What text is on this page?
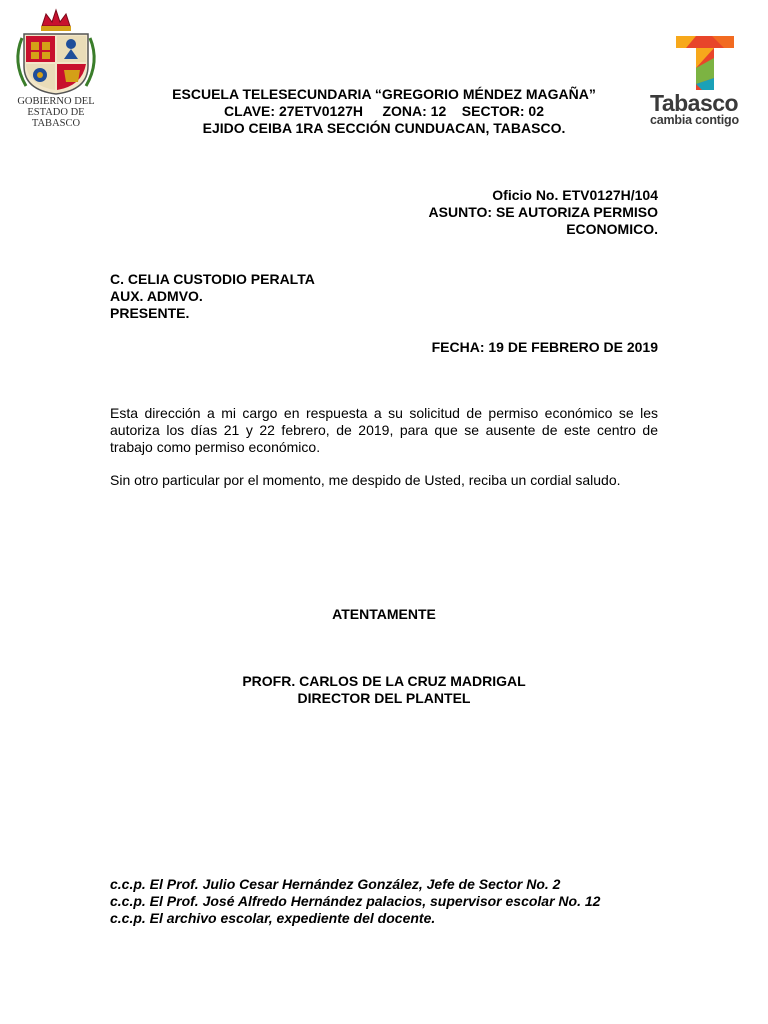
GOBIERNO DEL
ESTADO DE
TABASCO
Tabasco
cambia contigo
ESCUELA TELESECUNDARIA “GREGORIO MÉNDEZ MAGAÑA”
CLAVE: 27ETV0127H     ZONA: 12    SECTOR: 02
EJIDO CEIBA 1RA SECCIÓN CUNDUACAN, TABASCO.
Oficio No. ETV0127H/104
ASUNTO: SE AUTORIZA PERMISO
ECONOMICO.
C. CELIA CUSTODIO PERALTA
AUX. ADMVO.
PRESENTE.
FECHA: 19 DE FEBRERO DE 2019
Esta dirección a mi cargo en respuesta a su solicitud de permiso económico se les autoriza los días 21 y 22 febrero, de 2019, para que se ausente de este centro de trabajo como permiso económico.
Sin otro particular por el momento, me despido de Usted, reciba un cordial saludo.
ATENTAMENTE
PROFR. CARLOS DE LA CRUZ MADRIGAL
DIRECTOR DEL PLANTEL
c.c.p. El Prof. Julio Cesar Hernández González, Jefe de Sector No. 2
c.c.p. El Prof. José Alfredo Hernández palacios, supervisor escolar No. 12
c.c.p. El archivo escolar, expediente del docente.
